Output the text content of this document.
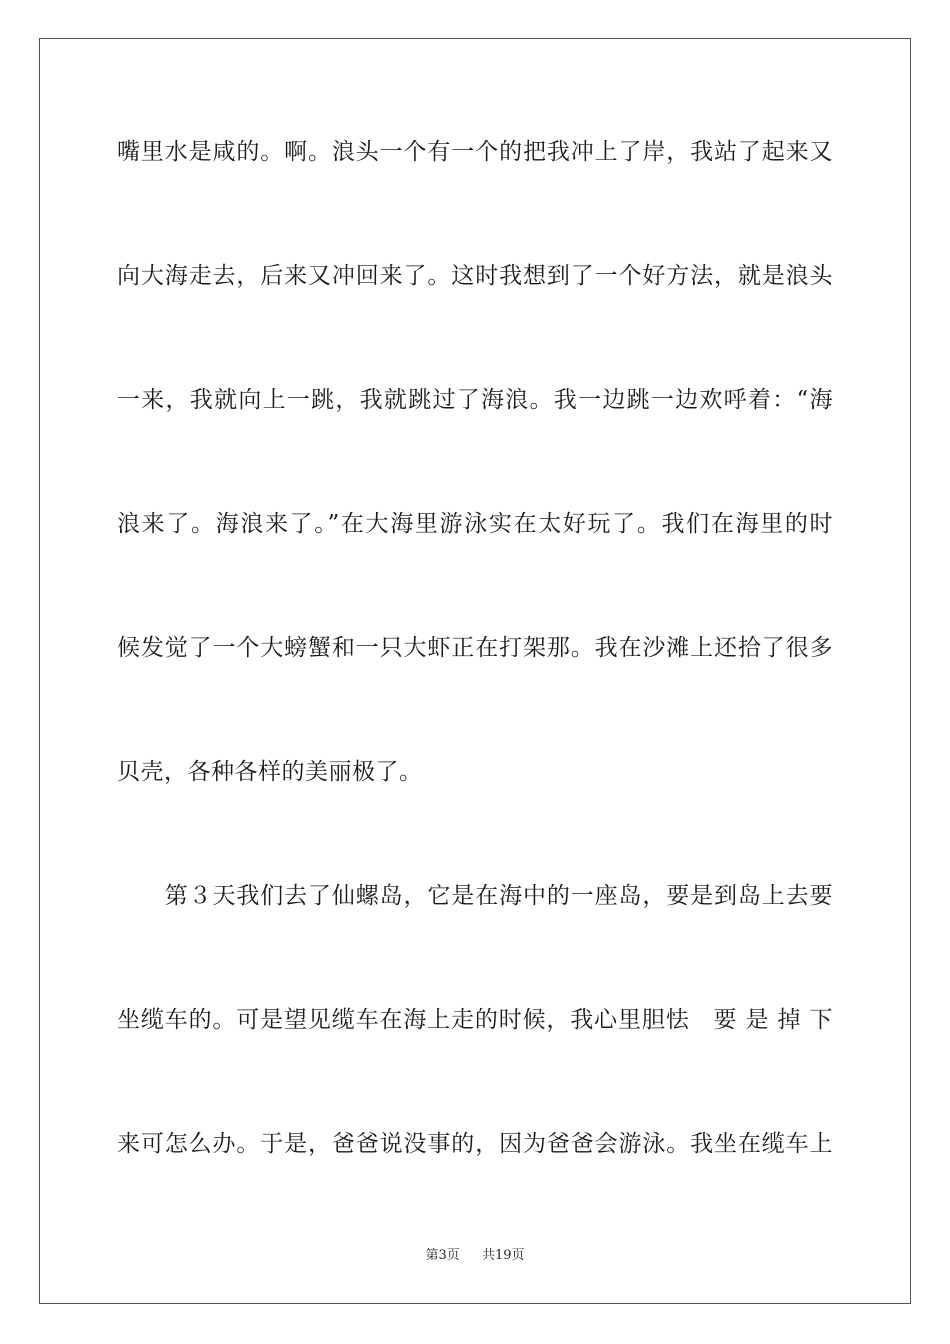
嘴里水是咸的。啊。浪头一个有一个的把我冲上了岸，我站了起来又
向大海走去，后来又冲回来了。这时我想到了一个好方法，就是浪头
一来，我就向上一跳，我就跳过了海浪。我一边跳一边欢呼着：“海
浪来了。海浪来了。”在大海里游泳实在太好玩了。我们在海里的时
候发觉了一个大螃蟹和一只大虾正在打架那。我在沙滩上还拾了很多
贝壳，各种各样的美丽极了。
　　第３天我们去了仙螺岛，它是在海中的一座岛，要是到岛上去要
坐缆车的。可是望见缆车在海上走的时候，我心里胆怯　要 是 掉 下
来可怎么办。于是，爸爸说没事的，因为爸爸会游泳。我坐在缆车上
第3页 共19页
